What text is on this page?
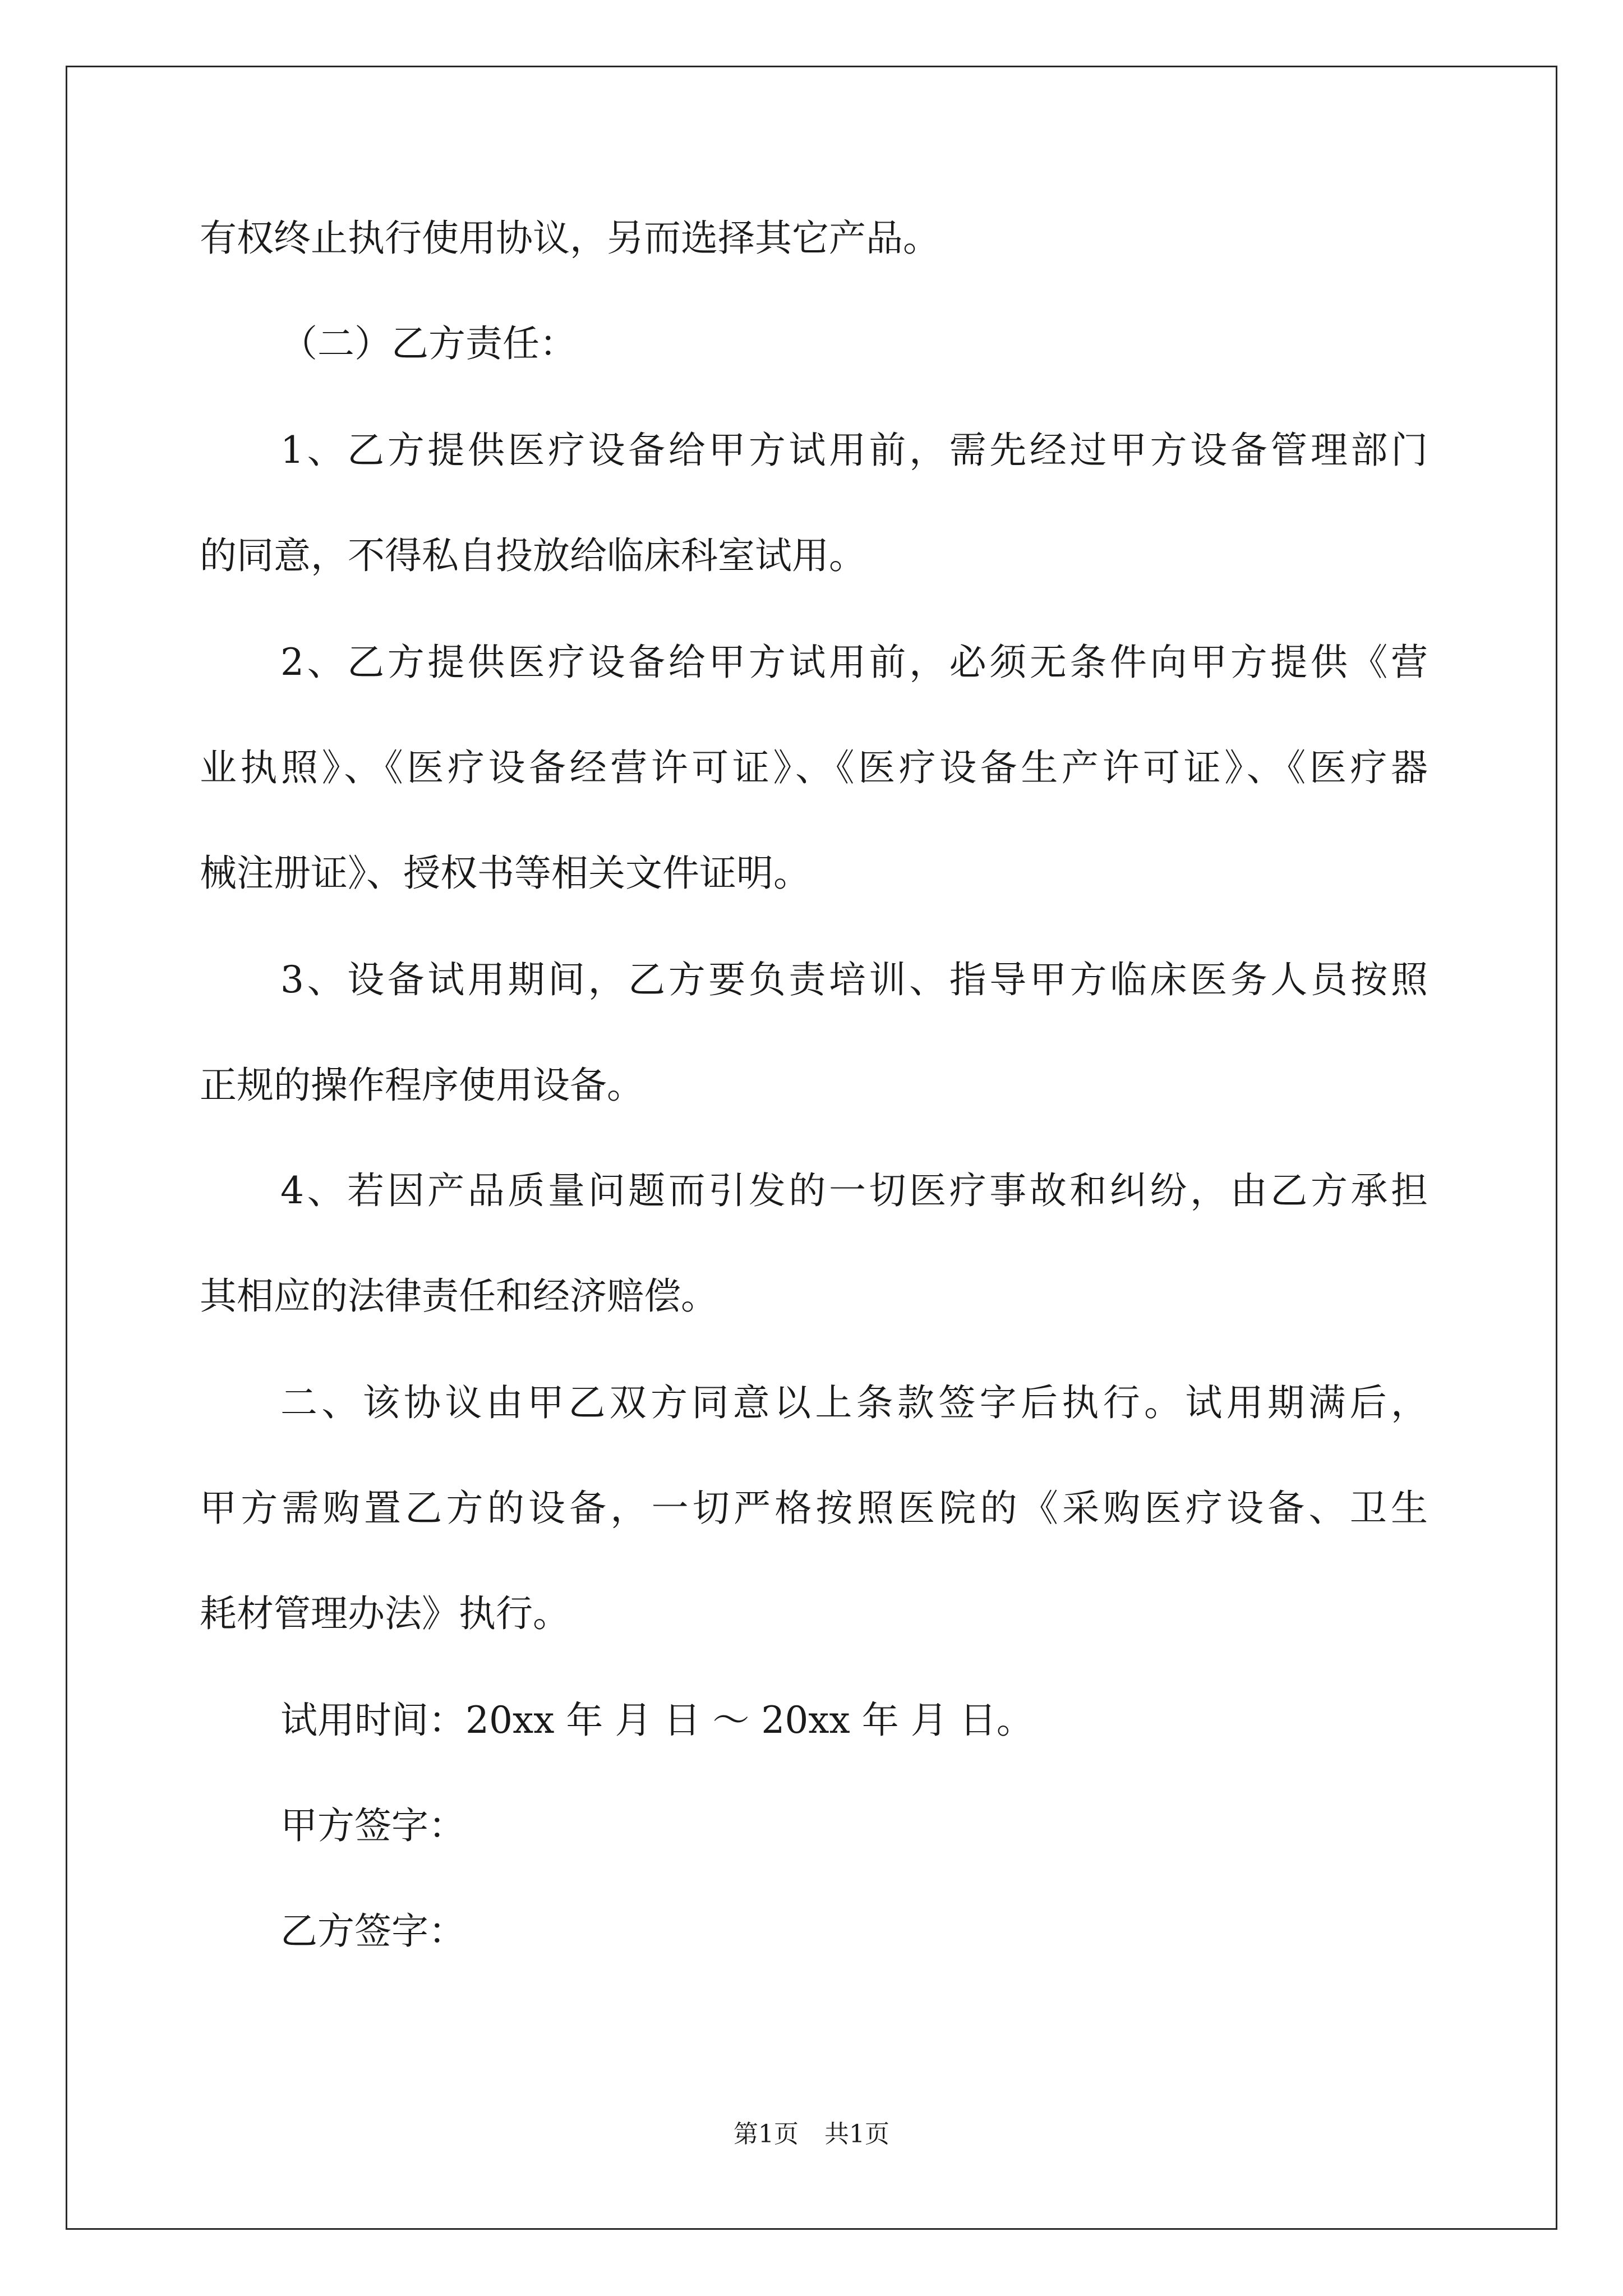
有权终止执行使用协议，另而选择其它产品。
（二）乙方责任：
1、乙方提供医疗设备给甲方试用前，需先经过甲方设备管理部门
的同意，不得私自投放给临床科室试用。
2、乙方提供医疗设备给甲方试用前，必须无条件向甲方提供《营
业执照》、《医疗设备经营许可证》、《医疗设备生产许可证》、《医疗器
械注册证》、授权书等相关文件证明。
3、设备试用期间，乙方要负责培训、指导甲方临床医务人员按照
正规的操作程序使用设备。
4、若因产品质量问题而引发的一切医疗事故和纠纷，由乙方承担
其相应的法律责任和经济赔偿。
二、该协议由甲乙双方同意以上条款签字后执行。试用期满后，
甲方需购置乙方的设备，一切严格按照医院的《采购医疗设备、卫生
耗材管理办法》执行。
试用时间：20xx 年 月 日 ～ 20xx 年 月 日。
甲方签字：
乙方签字：
第1页 共1页
